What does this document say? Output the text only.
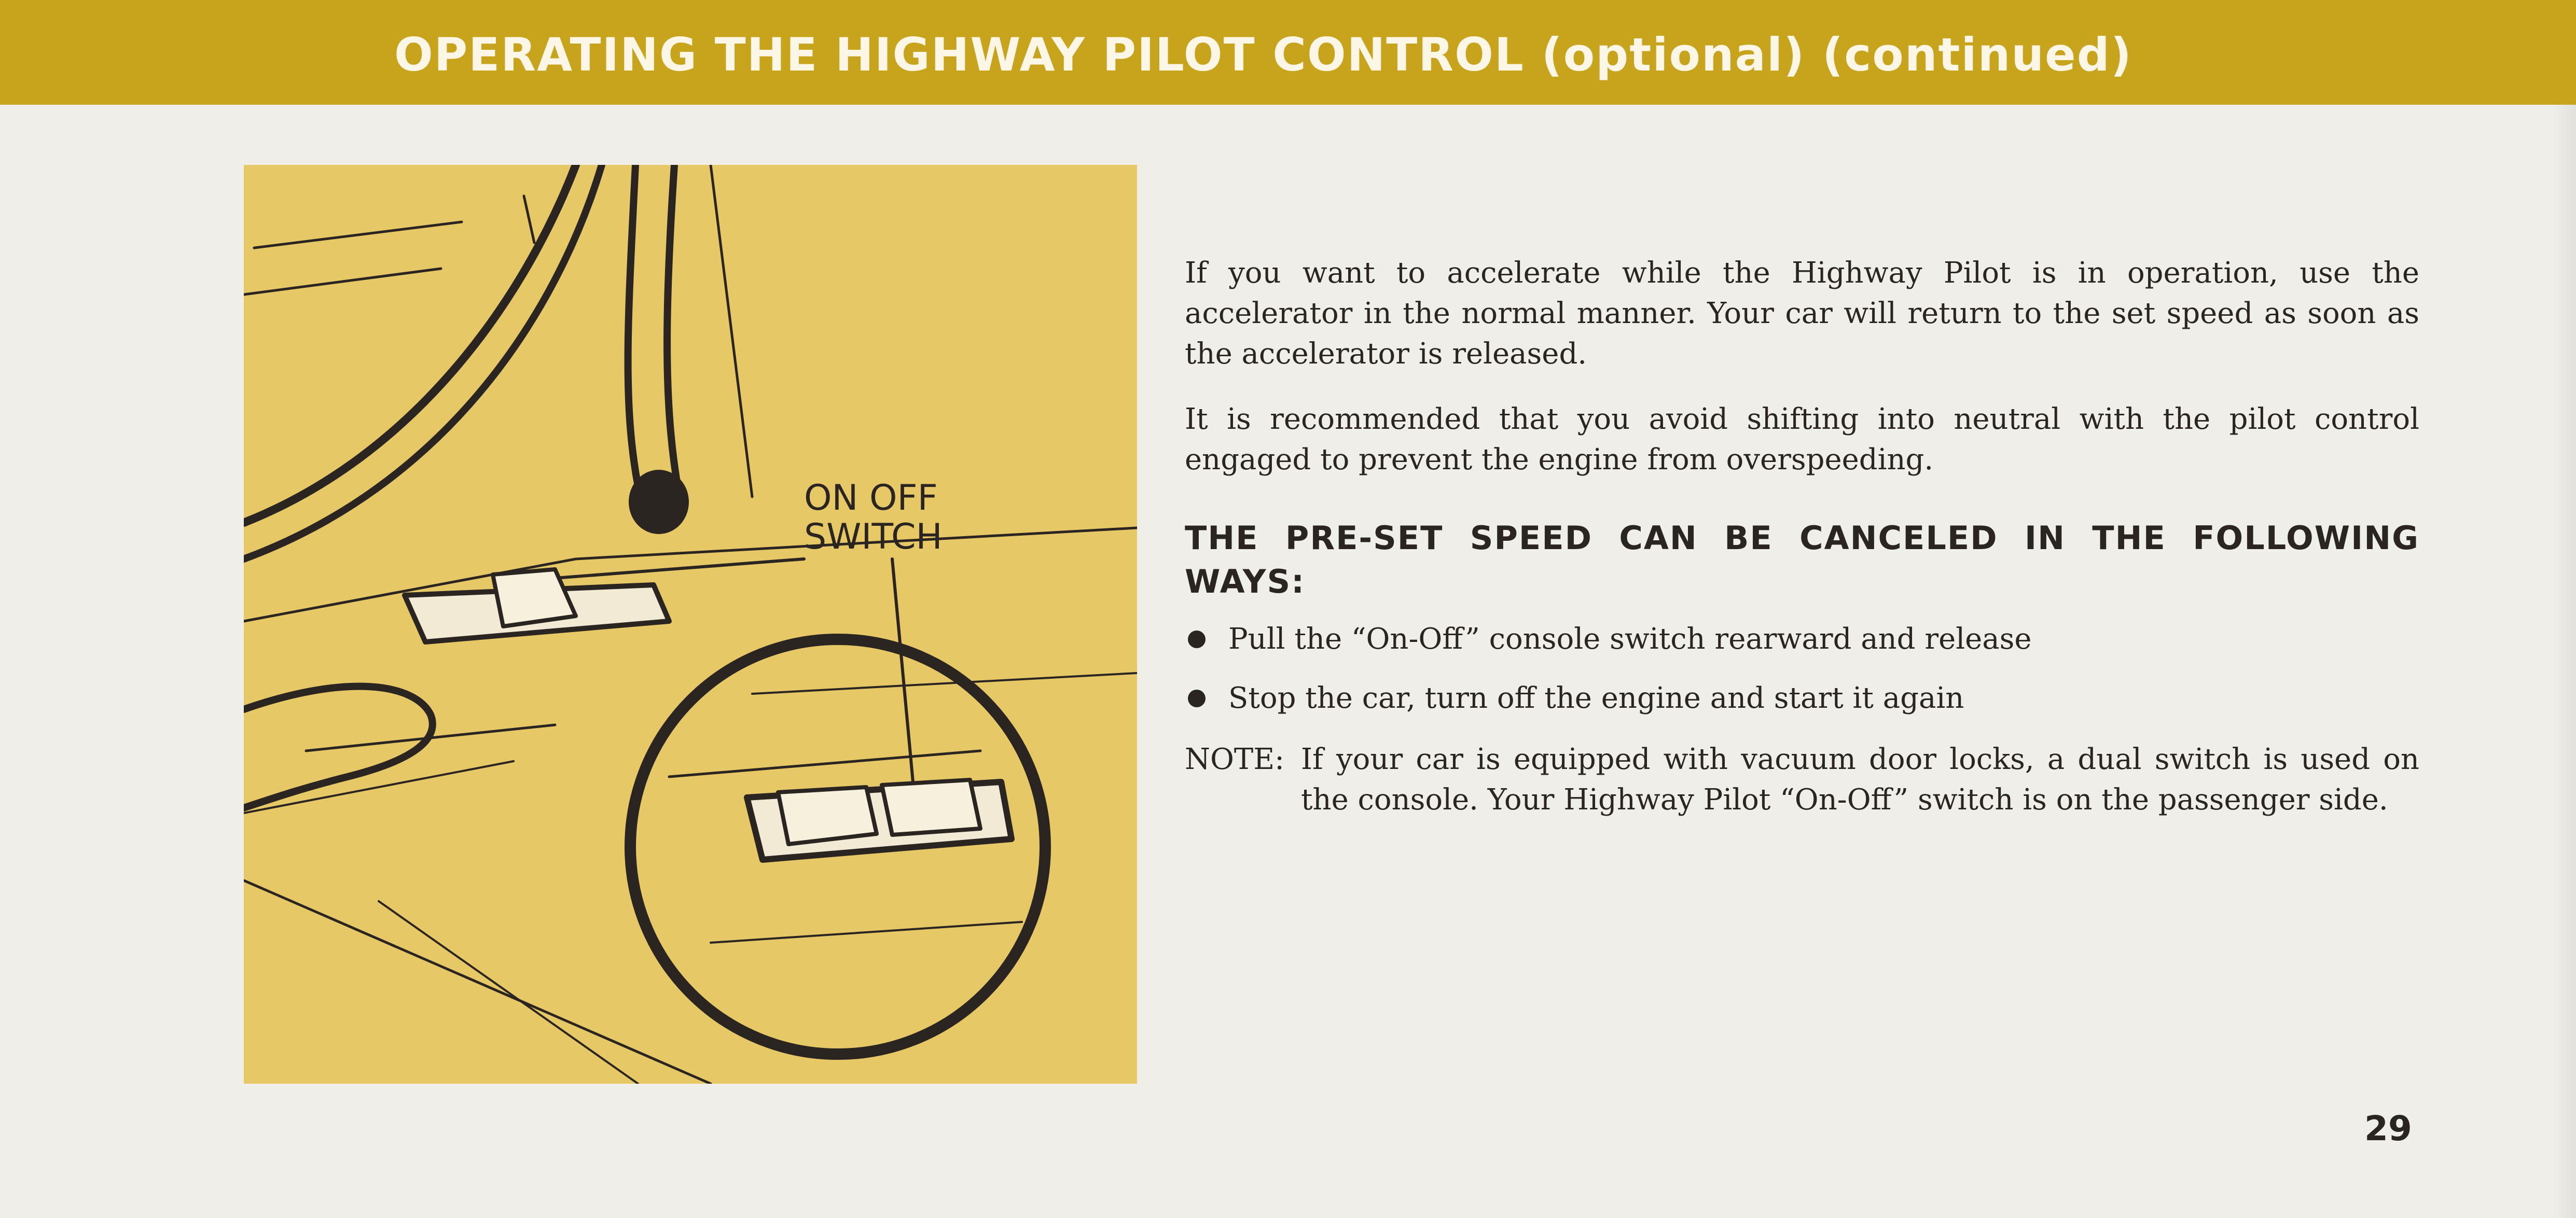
OPERATING THE HIGHWAY PILOT CONTROL (optional) (continued)
ON OFF
SWITCH

If you want to accelerate while the Highway Pilot is in operation, use the accelerator in the normal manner. Your car will return to the set speed as soon as the accelerator is released.

It is recommended that you avoid shifting into neutral with the pilot control engaged to prevent the engine from overspeeding.

THE PRE-SET SPEED CAN BE CANCELED IN THE FOLLOWING WAYS:
Pull the “On-Off” console switch rearward and release
Stop the car, turn off the engine and start it again
NOTE: If your car is equipped with vacuum door locks, a dual switch is used on the console. Your Highway Pilot “On-Off” switch is on the passenger side.
29
